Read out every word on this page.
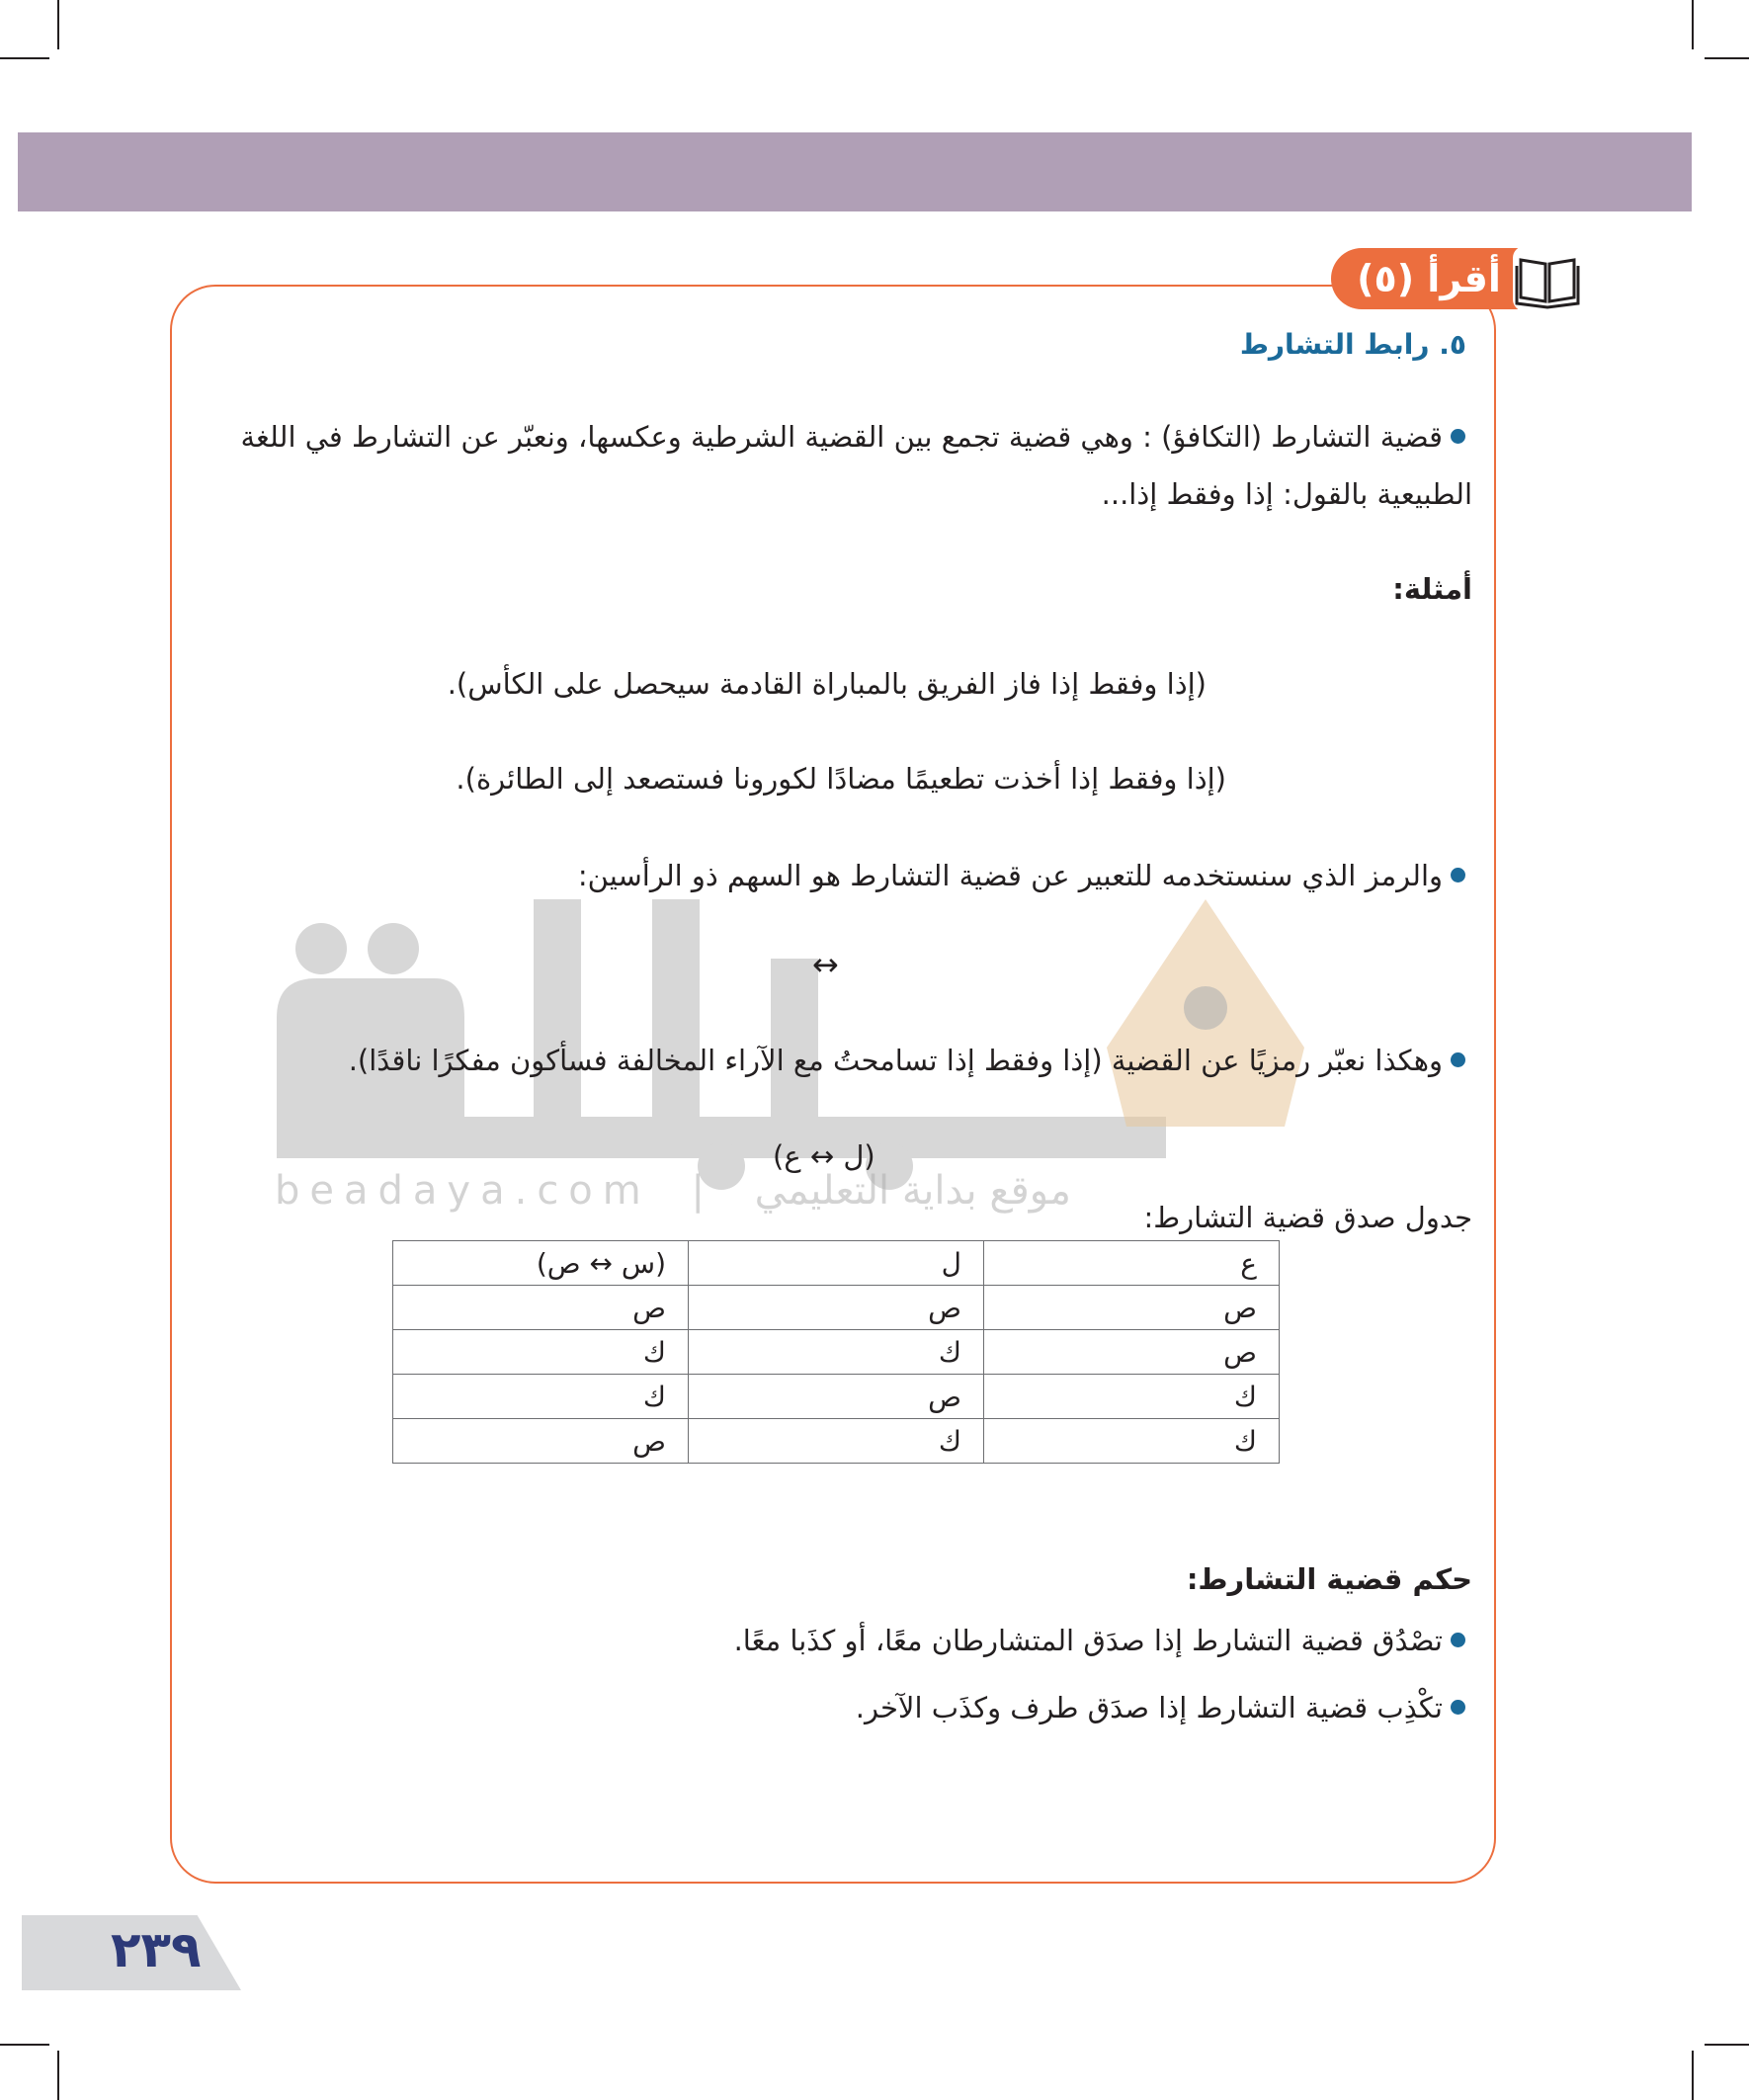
أقرأ (٥)
٥. رابط التشارط
قضية التشارط (التكافؤ) : وهي قضية تجمع بين القضية الشرطية وعكسها، ونعبّر عن التشارط في اللغة
الطبيعية بالقول: إذا وفقط إذا...
أمثلة:
(إذا وفقط إذا فاز الفريق بالمباراة القادمة سيحصل على الكأس).
(إذا وفقط إذا أخذت تطعيمًا مضادًا لكورونا فستصعد إلى الطائرة).
والرمز الذي سنستخدمه للتعبير عن قضية التشارط هو السهم ذو الرأسين:
↔
وهكذا نعبّر رمزيًا عن القضية (إذا وفقط إذا تسامحتُ مع الآراء المخالفة فسأكون مفكرًا ناقدًا).
(ل ↔ ع)
beadaya.com | موقع بداية التعليمي
جدول صدق قضية التشارط:
ع	ل	(س ↔ ص)
ص	ص	ص
ص	ك	ك
ك	ص	ك
ك	ك	ص
حكم قضية التشارط:
تصْدُق قضية التشارط إذا صدَق المتشارطان معًا، أو كذَبا معًا.
تكْذِب قضية التشارط إذا صدَق طرف وكذَب الآخر.
٢٣٩
